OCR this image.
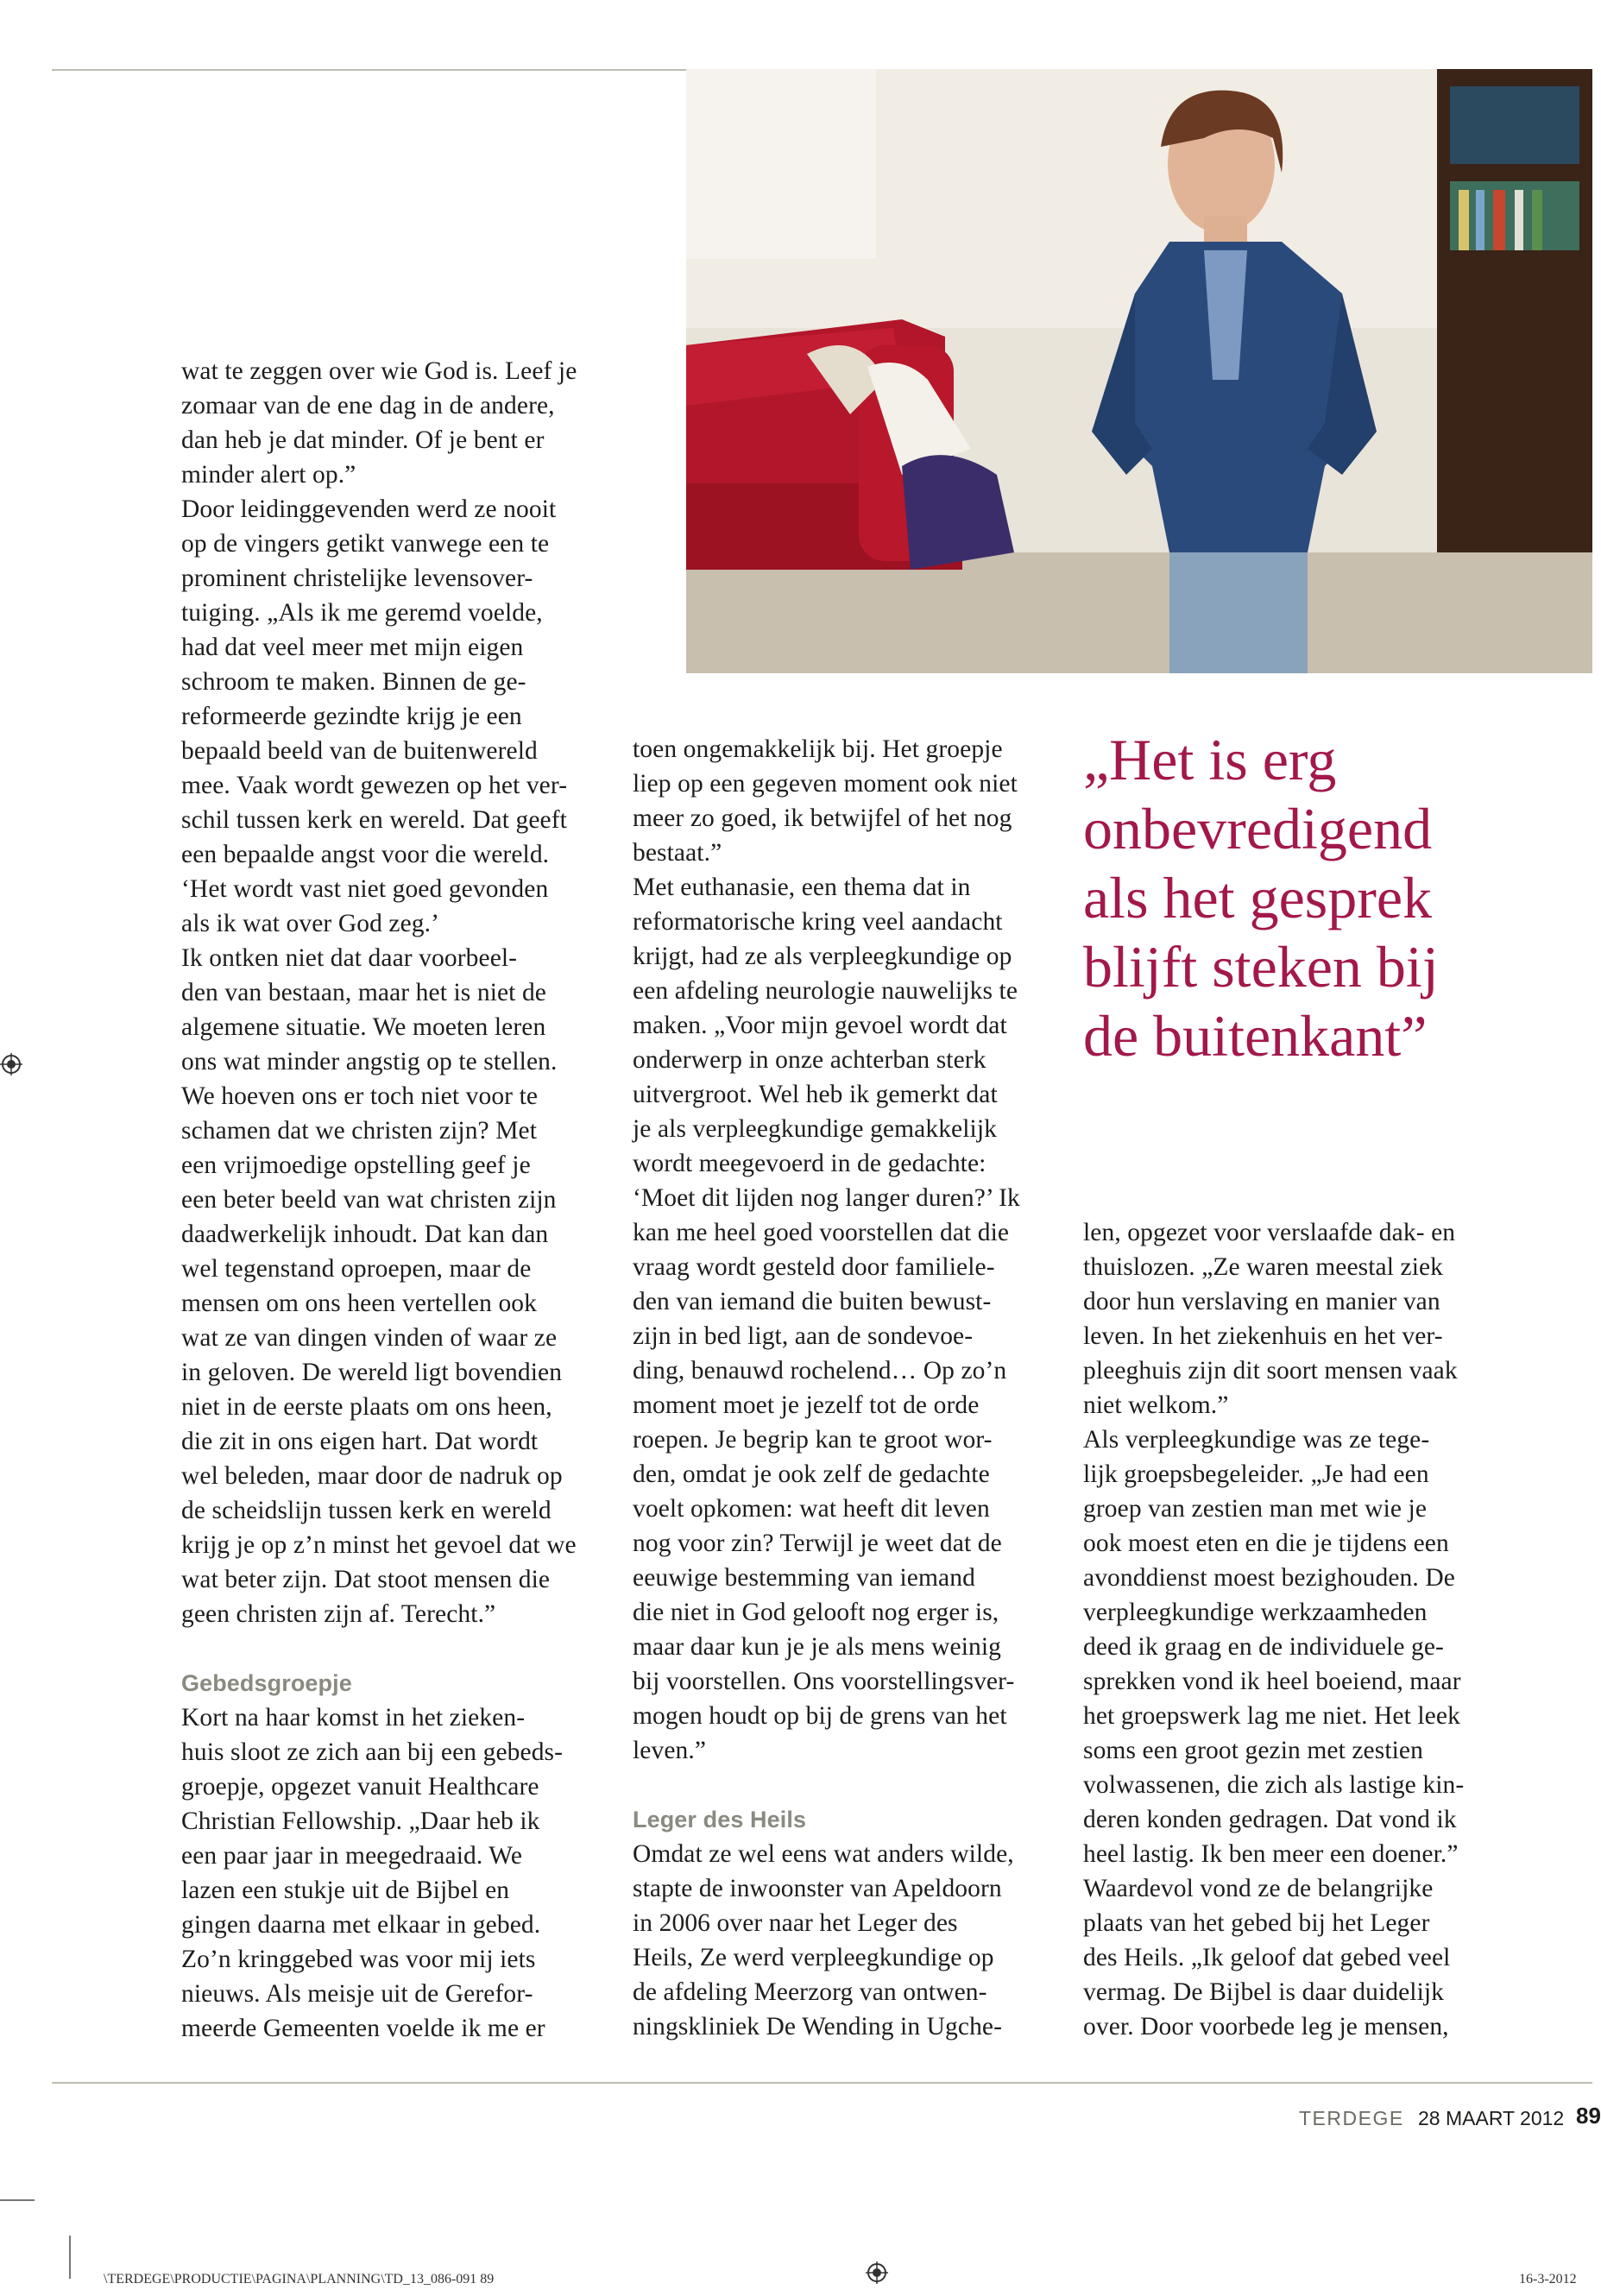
wat te zeggen over wie God is. Leef je
zomaar van de ene dag in de andere,
dan heb je dat minder. Of je bent er
minder alert op.”
Door leidinggevenden werd ze nooit
op de vingers getikt vanwege een te
prominent christelijke levensover-
tuiging. „Als ik me geremd voelde,
had dat veel meer met mijn eigen
schroom te maken. Binnen de ge-
reformeerde gezindte krijg je een
bepaald beeld van de buitenwereld
mee. Vaak wordt gewezen op het ver-
schil tussen kerk en wereld. Dat geeft
een bepaalde angst voor die wereld.
‘Het wordt vast niet goed gevonden
als ik wat over God zeg.’
Ik ontken niet dat daar voorbeel-
den van bestaan, maar het is niet de
algemene situatie. We moeten leren
ons wat minder angstig op te stellen.
We hoeven ons er toch niet voor te
schamen dat we christen zijn? Met
een vrijmoedige opstelling geef je
een beter beeld van wat christen zijn
daadwerkelijk inhoudt. Dat kan dan
wel tegenstand oproepen, maar de
mensen om ons heen vertellen ook
wat ze van dingen vinden of waar ze
in geloven. De wereld ligt bovendien
niet in de eerste plaats om ons heen,
die zit in ons eigen hart. Dat wordt
wel beleden, maar door de nadruk op
de scheidslijn tussen kerk en wereld
krijg je op z’n minst het gevoel dat we
wat beter zijn. Dat stoot mensen die
geen christen zijn af. Terecht.”
Gebedsgroepje
Kort na haar komst in het zieken-
huis sloot ze zich aan bij een gebeds-
groepje, opgezet vanuit Healthcare
Christian Fellowship. „Daar heb ik
een paar jaar in meegedraaid. We
lazen een stukje uit de Bijbel en
gingen daarna met elkaar in gebed.
Zo’n kringgebed was voor mij iets
nieuws. Als meisje uit de Gerefor-
meerde Gemeenten voelde ik me er
toen ongemakkelijk bij. Het groepje
liep op een gegeven moment ook niet
meer zo goed, ik betwijfel of het nog
bestaat.”
Met euthanasie, een thema dat in
reformatorische kring veel aandacht
krijgt, had ze als verpleegkundige op
een afdeling neurologie nauwelijks te
maken. „Voor mijn gevoel wordt dat
onderwerp in onze achterban sterk
uitvergroot. Wel heb ik gemerkt dat
je als verpleegkundige gemakkelijk
wordt meegevoerd in de gedachte:
‘Moet dit lijden nog langer duren?’ Ik
kan me heel goed voorstellen dat die
vraag wordt gesteld door familiele-
den van iemand die buiten bewust-
zijn in bed ligt, aan de sondevoe-
ding, benauwd rochelend… Op zo’n
moment moet je jezelf tot de orde
roepen. Je begrip kan te groot wor-
den, omdat je ook zelf de gedachte
voelt opkomen: wat heeft dit leven
nog voor zin? Terwijl je weet dat de
eeuwige bestemming van iemand
die niet in God gelooft nog erger is,
maar daar kun je je als mens weinig
bij voorstellen. Ons voorstellingsver-
mogen houdt op bij de grens van het
leven.”
Leger des Heils
Omdat ze wel eens wat anders wilde,
stapte de inwoonster van Apeldoorn
in 2006 over naar het Leger des
Heils, Ze werd verpleegkundige op
de afdeling Meerzorg van ontwen-
ningskliniek De Wending in Ugche-
len, opgezet voor verslaafde dak- en
thuislozen. „Ze waren meestal ziek
door hun verslaving en manier van
leven. In het ziekenhuis en het ver-
pleeghuis zijn dit soort mensen vaak
niet welkom.”
Als verpleegkundige was ze tege-
lijk groepsbegeleider. „Je had een
groep van zestien man met wie je
ook moest eten en die je tijdens een
avonddienst moest bezighouden. De
verpleegkundige werkzaamheden
deed ik graag en de individuele ge-
sprekken vond ik heel boeiend, maar
het groepswerk lag me niet. Het leek
soms een groot gezin met zestien
volwassenen, die zich als lastige kin-
deren konden gedragen. Dat vond ik
heel lastig. Ik ben meer een doener.”
Waardevol vond ze de belangrijke
plaats van het gebed bij het Leger
des Heils. „Ik geloof dat gebed veel
vermag. De Bijbel is daar duidelijk
over. Door voorbede leg je mensen,
„Het is erg
onbevredigend
als het gesprek
blijft steken bij
de buitenkant”
TERDEGE 28 MAART 2012 89
\TERDEGE\PRODUCTIE\PAGINA\PLANNING\TD_13_086-091 89	16-3-2012
